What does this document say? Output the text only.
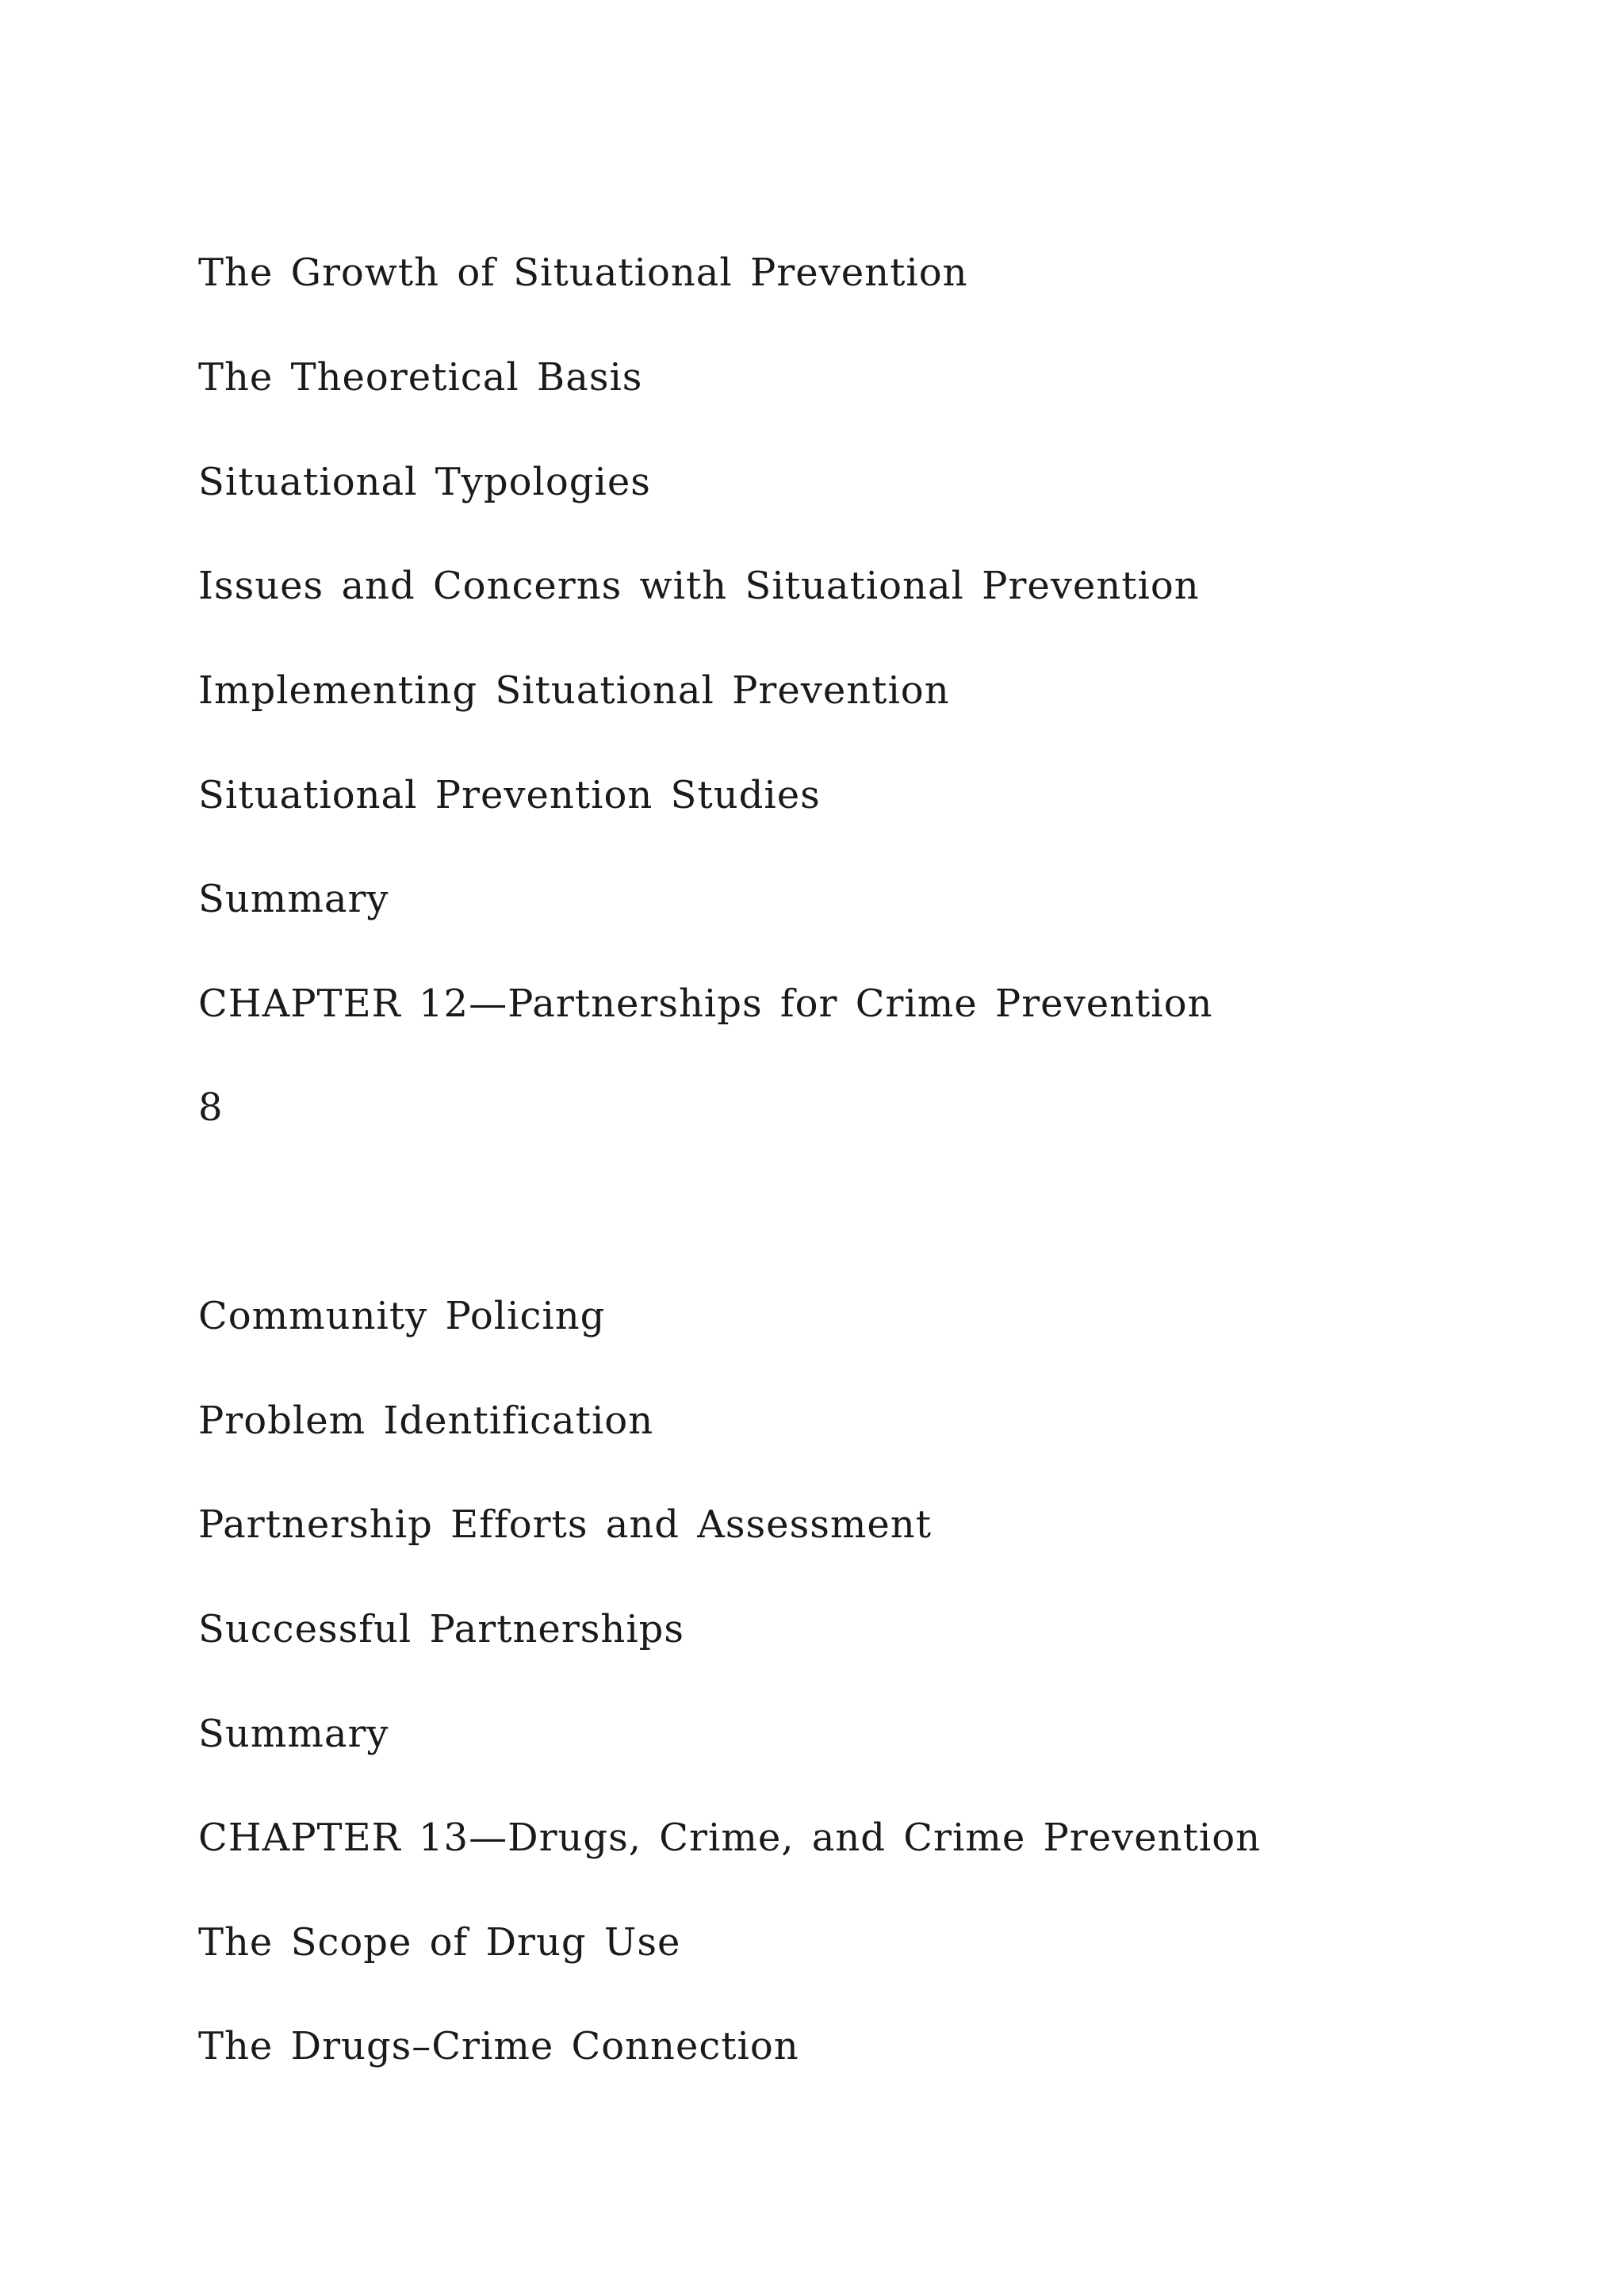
The Growth of Situational Prevention

The Theoretical Basis

Situational Typologies

Issues and Concerns with Situational Prevention

Implementing Situational Prevention

Situational Prevention Studies

Summary

CHAPTER 12—Partnerships for Crime Prevention

8

Community Policing

Problem Identification

Partnership Efforts and Assessment

Successful Partnerships

Summary

CHAPTER 13—Drugs, Crime, and Crime Prevention

The Scope of Drug Use

The Drugs–Crime Connection
